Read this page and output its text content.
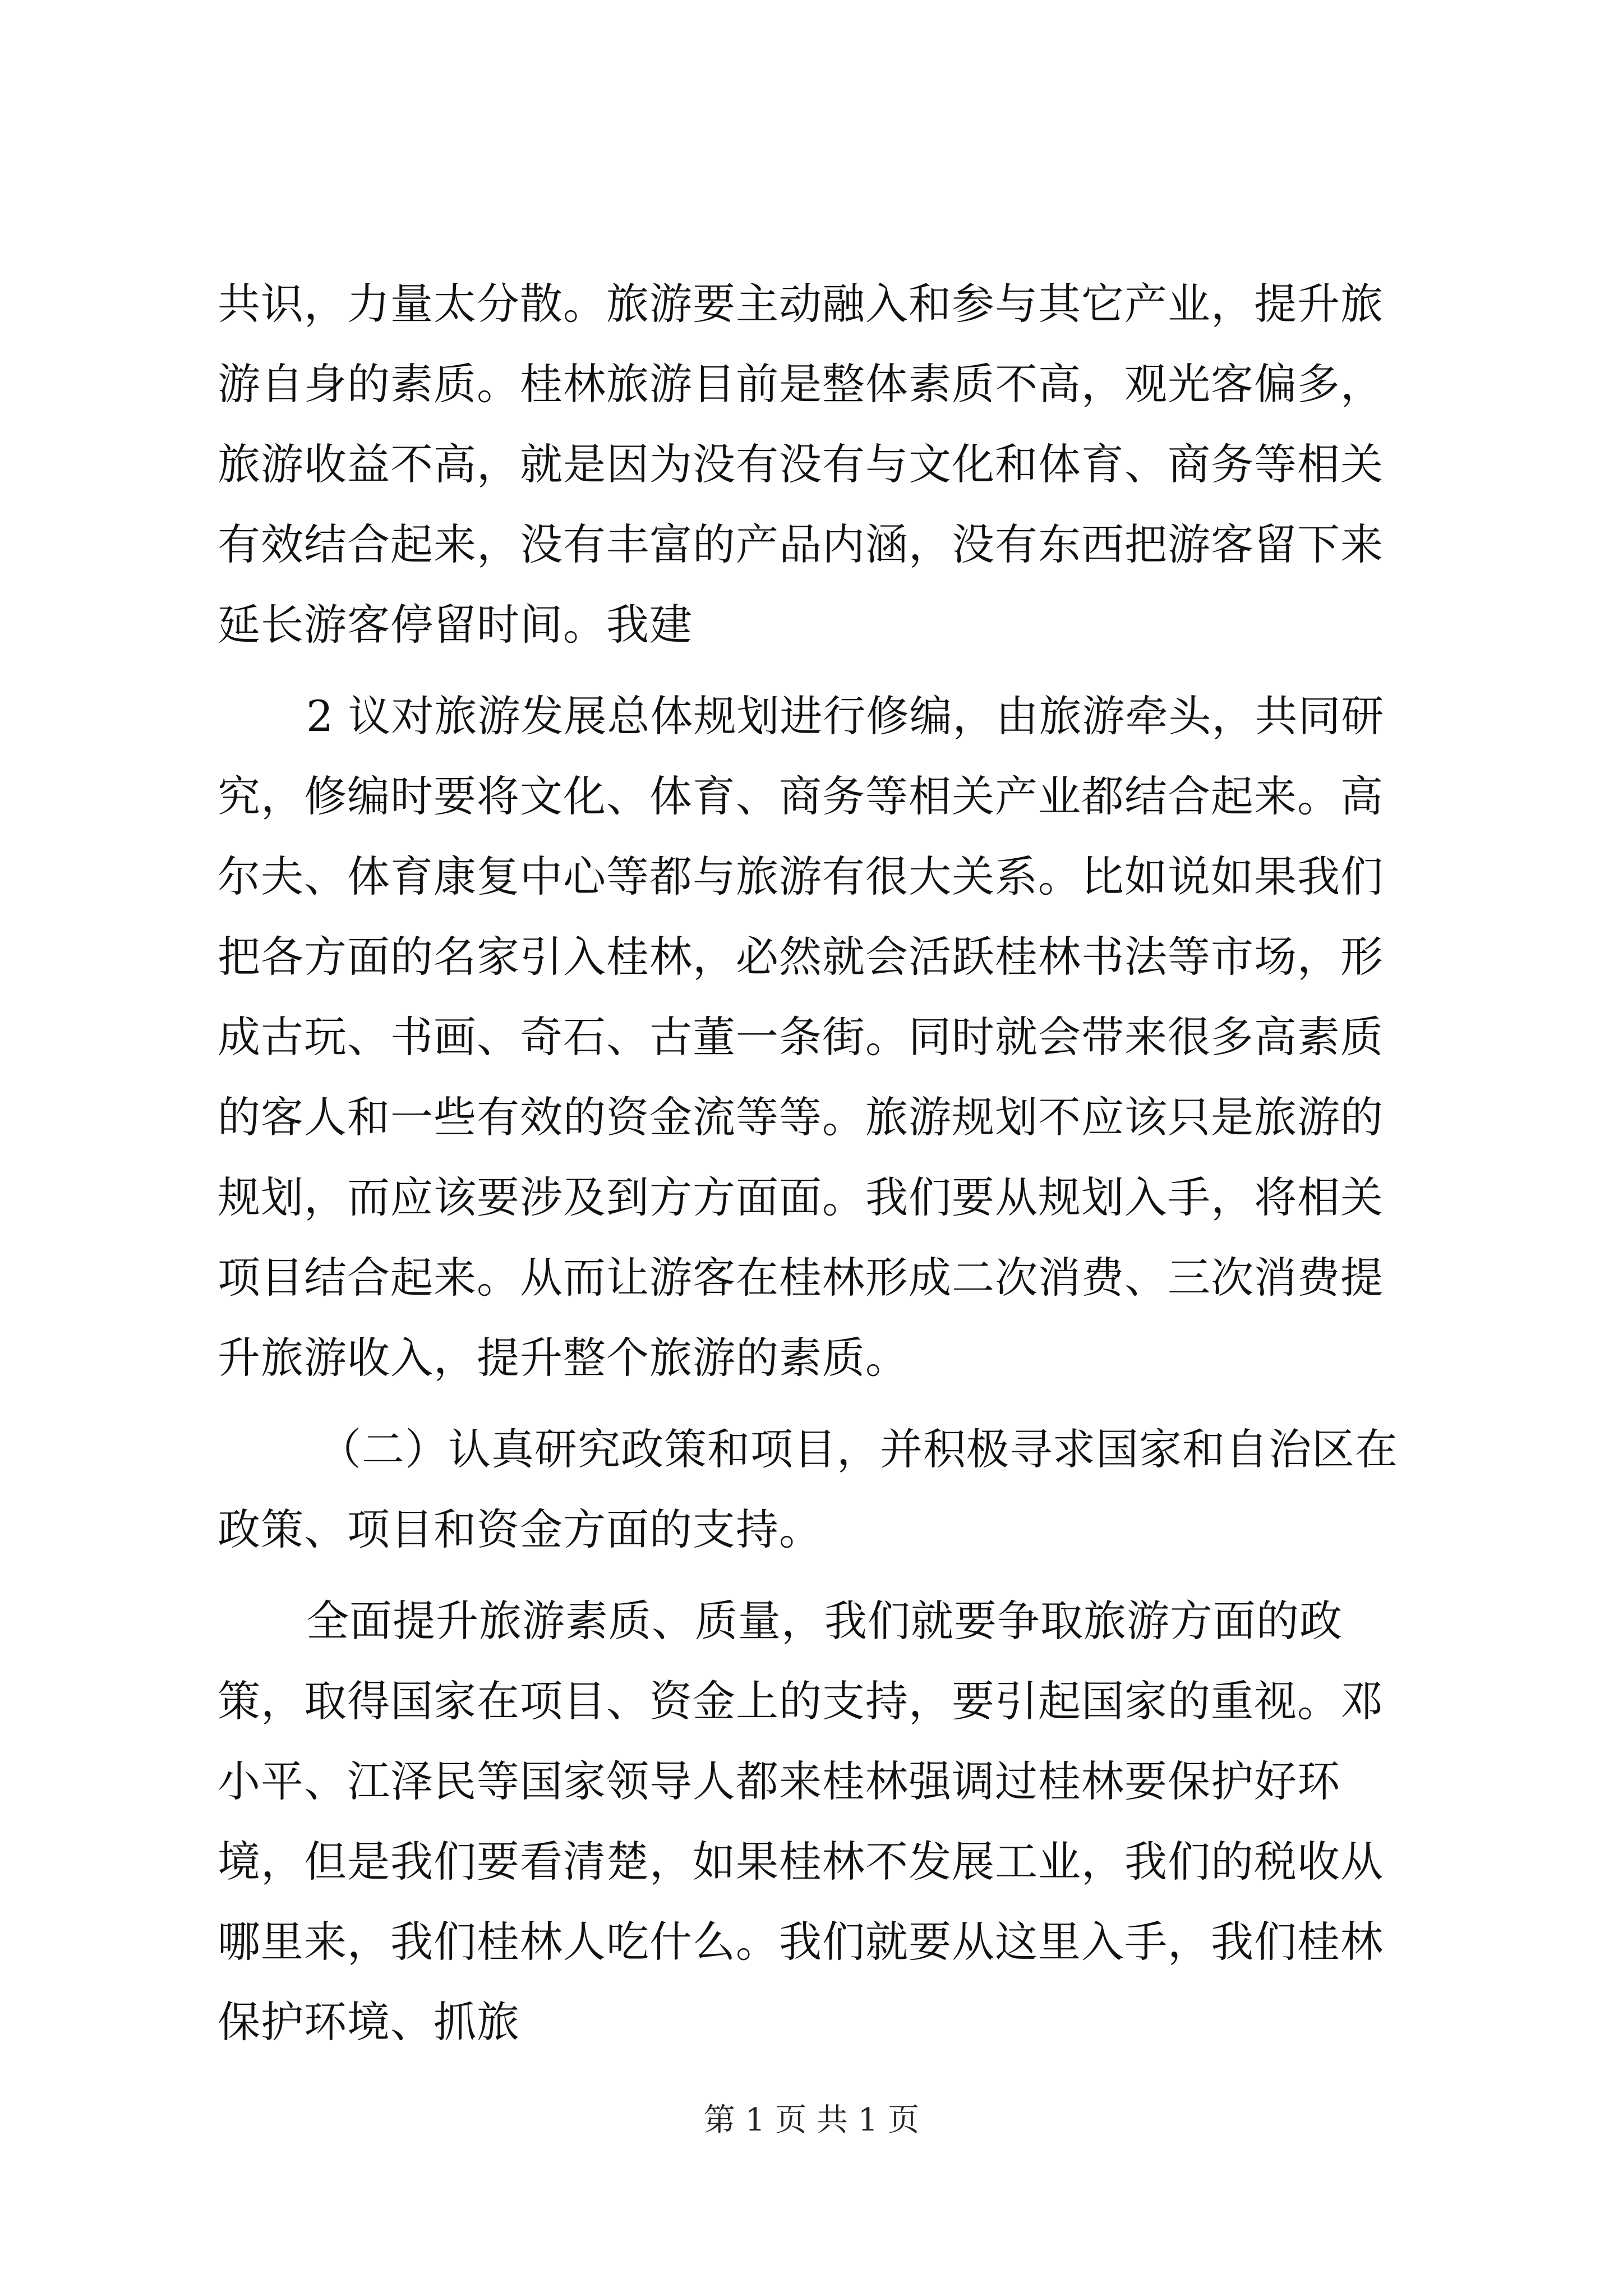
共识，力量太分散。旅游要主动融入和参与其它产业，提升旅游自身的素质。桂林旅游目前是整体素质不高，观光客偏多，旅游收益不高，就是因为没有没有与文化和体育、商务等相关有效结合起来，没有丰富的产品内涵，没有东西把游客留下来延长游客停留时间。我建

2 议对旅游发展总体规划进行修编，由旅游牵头，共同研究，修编时要将文化、体育、商务等相关产业都结合起来。高尔夫、体育康复中心等都与旅游有很大关系。比如说如果我们把各方面的名家引入桂林，必然就会活跃桂林书法等市场，形成古玩、书画、奇石、古董一条街。同时就会带来很多高素质的客人和一些有效的资金流等等。旅游规划不应该只是旅游的规划，而应该要涉及到方方面面。我们要从规划入手，将相关项目结合起来。从而让游客在桂林形成二次消费、三次消费提升旅游收入，提升整个旅游的素质。

（二）认真研究政策和项目，并积极寻求国家和自治区在政策、项目和资金方面的支持。

全面提升旅游素质、质量，我们就要争取旅游方面的政策，取得国家在项目、资金上的支持，要引起国家的重视。邓小平、江泽民等国家领导人都来桂林强调过桂林要保护好环境，但是我们要看清楚，如果桂林不发展工业，我们的税收从哪里来，我们桂林人吃什么。我们就要从这里入手，我们桂林保护环境、抓旅

第 1 页 共 1 页
